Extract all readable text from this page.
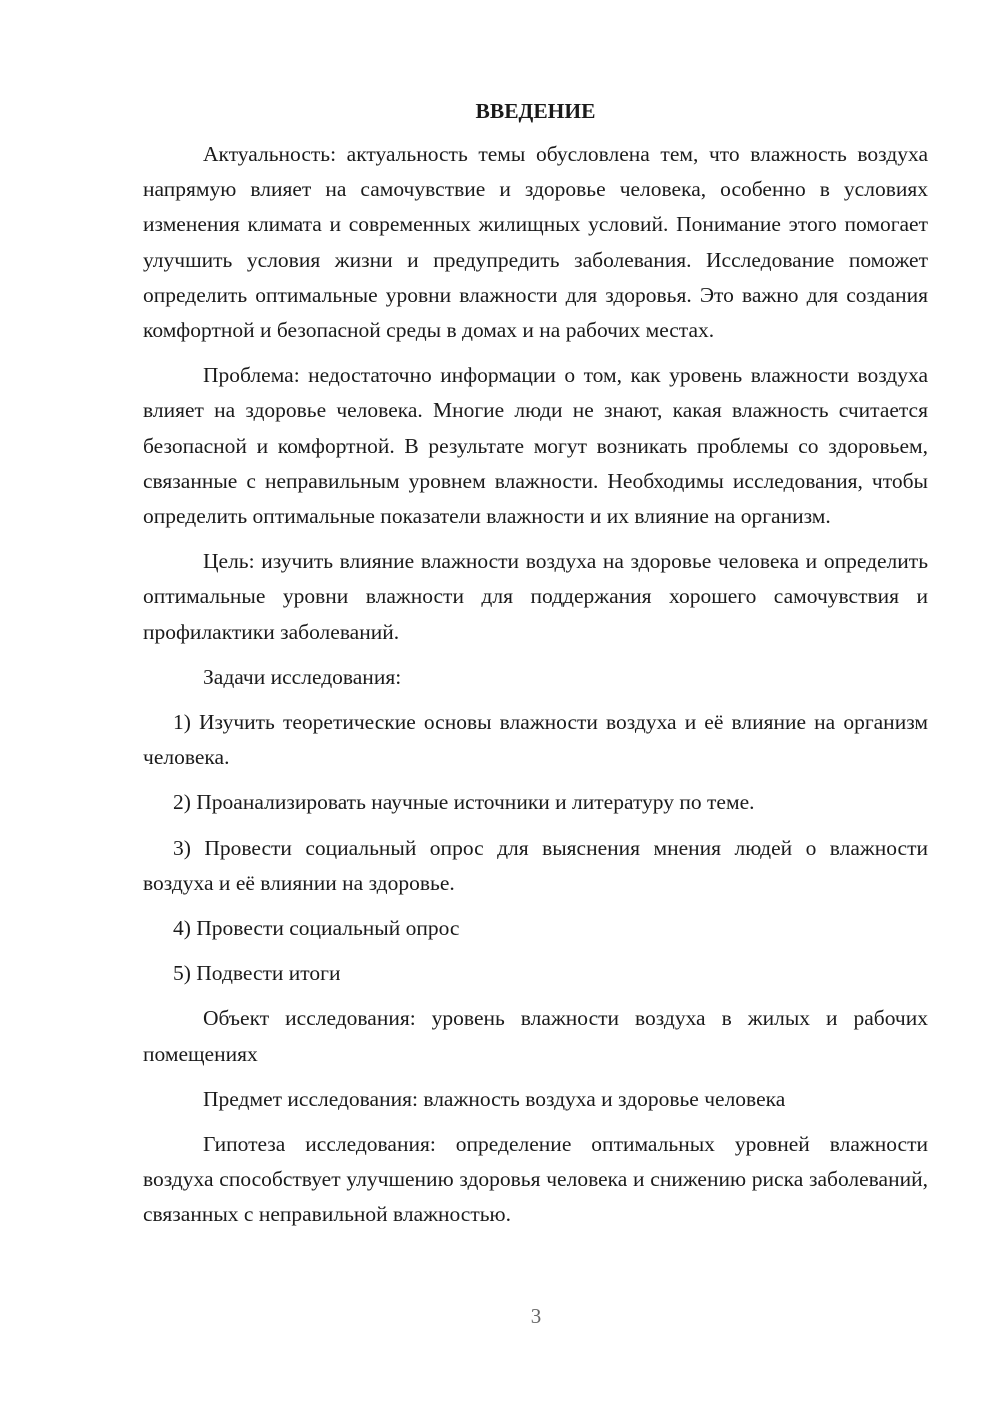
ВВЕДЕНИЕ

Актуальность: актуальность темы обусловлена тем, что влажность воздуха напрямую влияет на самочувствие и здоровье человека, особенно в условиях изменения климата и современных жилищных условий. Понимание этого помогает улучшить условия жизни и предупредить заболевания. Исследование поможет определить оптимальные уровни влажности для здоровья. Это важно для создания комфортной и безопасной среды в домах и на рабочих местах.

Проблема: недостаточно информации о том, как уровень влажности воздуха влияет на здоровье человека. Многие люди не знают, какая влажность считается безопасной и комфортной. В результате могут возникать проблемы со здоровьем, связанные с неправильным уровнем влажности. Необходимы исследования, чтобы определить оптимальные показатели влажности и их влияние на организм.

Цель: изучить влияние влажности воздуха на здоровье человека и определить оптимальные уровни влажности для поддержания хорошего самочувствия и профилактики заболеваний.

Задачи исследования:

1) Изучить теоретические основы влажности воздуха и её влияние на организм человека.

2) Проанализировать научные источники и литературу по теме.

3) Провести социальный опрос для выяснения мнения людей о влажности воздуха и её влиянии на здоровье.

4) Провести социальный опрос

5) Подвести итоги

Объект исследования: уровень влажности воздуха в жилых и рабочих помещениях

Предмет исследования: влажность воздуха и здоровье человека

Гипотеза исследования: определение оптимальных уровней влажности воздуха способствует улучшению здоровья человека и снижению риска заболеваний, связанных с неправильной влажностью.

3
